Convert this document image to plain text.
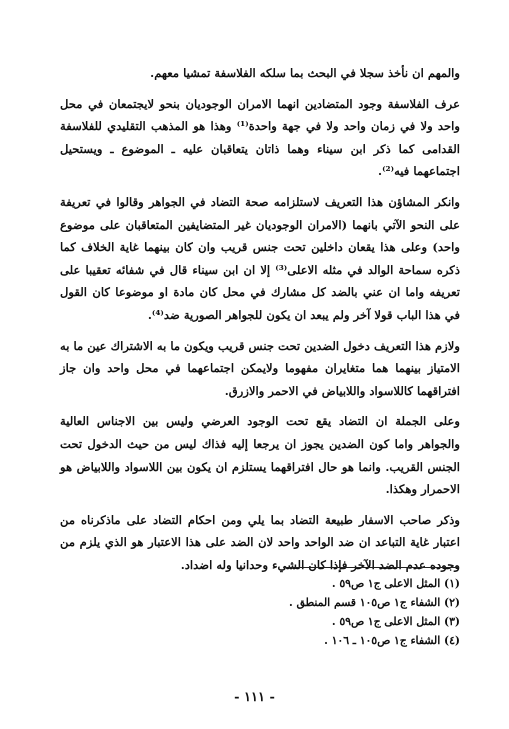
والمهم ان نأخذ سجلا في البحث بما سلكه الفلاسفة تمشيا معهم.

عرف الفلاسفة وجود المتضادين انهما الامران الوجوديان بنحو لايجتمعان في محل واحد ولا في زمان واحد ولا في جهة واحدة⁽¹⁾ وهذا هو المذهب التقليدي للفلاسفة القدامى كما ذكر ابن سيناء وهما ذاتان يتعاقبان عليه ـ الموضوع ـ ويستحيل اجتماعهما فيه⁽²⁾.

وانكر المشاؤن هذا التعريف لاستلزامه صحة التضاد في الجواهر وقالوا في تعريفة على النحو الآتي بانهما (الامران الوجوديان غير المتضايفين المتعاقبان على موضوع واحد) وعلى هذا يقعان داخلين تحت جنس قريب وان كان بينهما غاية الخلاف كما ذكره سماحة الوالد في مثله الاعلى⁽³⁾ إلا ان ابن سيناء قال في شفائه تعقيبا على تعريفه واما ان عني بالضد كل مشارك في محل كان مادة او موضوعا كان القول في هذا الباب قولا آخر ولم يبعد ان يكون للجواهر الصورية ضد⁽⁴⁾.

ولازم هذا التعريف دخول الضدين تحت جنس قريب ويكون ما به الاشتراك عين ما به الامتياز بينهما هما متغايران مفهوما ولايمكن اجتماعهما في محل واحد وان جاز افتراقهما كاللاسواد واللابياض في الاحمر والازرق.

وعلى الجملة ان التضاد يقع تحت الوجود العرضي وليس بين الاجناس العالية والجواهر واما كون الضدين يجوز ان يرجعا إليه فذاك ليس من حيث الدخول تحت الجنس القريب. وانما هو حال افتراقهما يستلزم ان يكون بين اللاسواد واللابياض هو الاحمرار وهكذا.

وذكر صاحب الاسفار طبيعة التضاد بما يلي ومن احكام التضاد على ماذكرناه من اعتبار غاية التباعد ان ضد الواحد واحد لان الضد على هذا الاعتبار هو الذي يلزم من وجوده عدم الضد الآخر فإذا كان الشيء وحدانيا وله اضداد.

(١) المثل الاعلى ج١ ص٥٩ .

(٢) الشفاء ج١ ص١٠٥ قسم المنطق .

(٣) المثل الاعلى ج١ ص٥٩ .

(٤) الشفاء ج١ ص١٠٥ ـ ١٠٦ .

- ١١١ -
